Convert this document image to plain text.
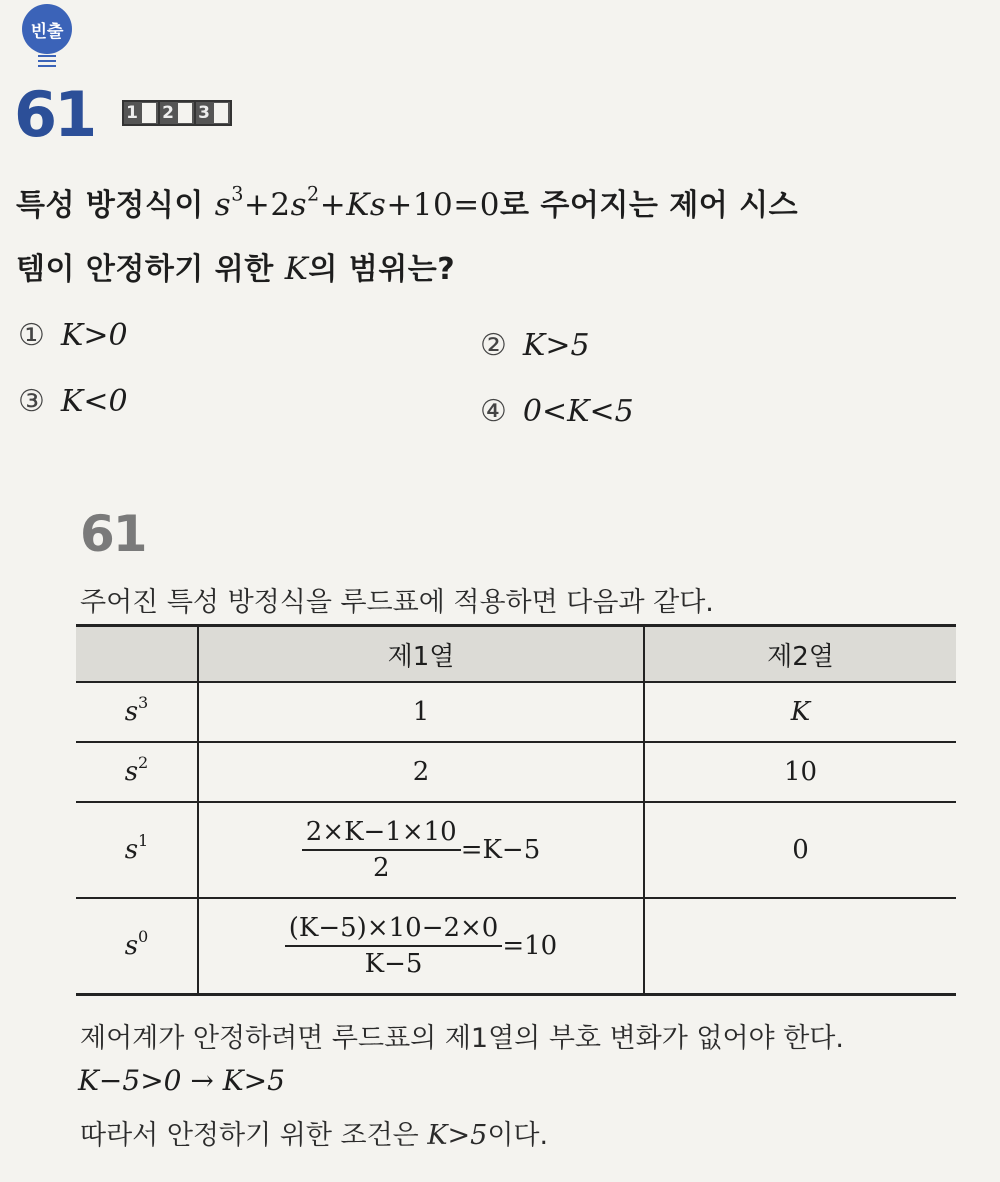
빈출
61 1 2 3
특성 방정식이 $s^3+2s^2+Ks+10=0$로 주어지는 제어 시스
템이 안정하기 위한 K의 범위는?
① K>0	② K>5
③ K<0	④ 0<K<5
61
주어진 특성 방정식을 루드표에 적용하면 다음과 같다.
	제1열	제2열
$s^3$	1	K
$s^2$	2	10
$s^1$	$\frac{2\times K-1\times 10}{2} =K-5$	0
$s^0$	$\frac{(K-5)\times 10-2\times 0}{K-5} =10$	

제어계가 안정하려면 루드표의 제1열의 부호 변화가 없어야 한다.
K−5>0 → K>5
따라서 안정하기 위한 조건은 K>5이다.
